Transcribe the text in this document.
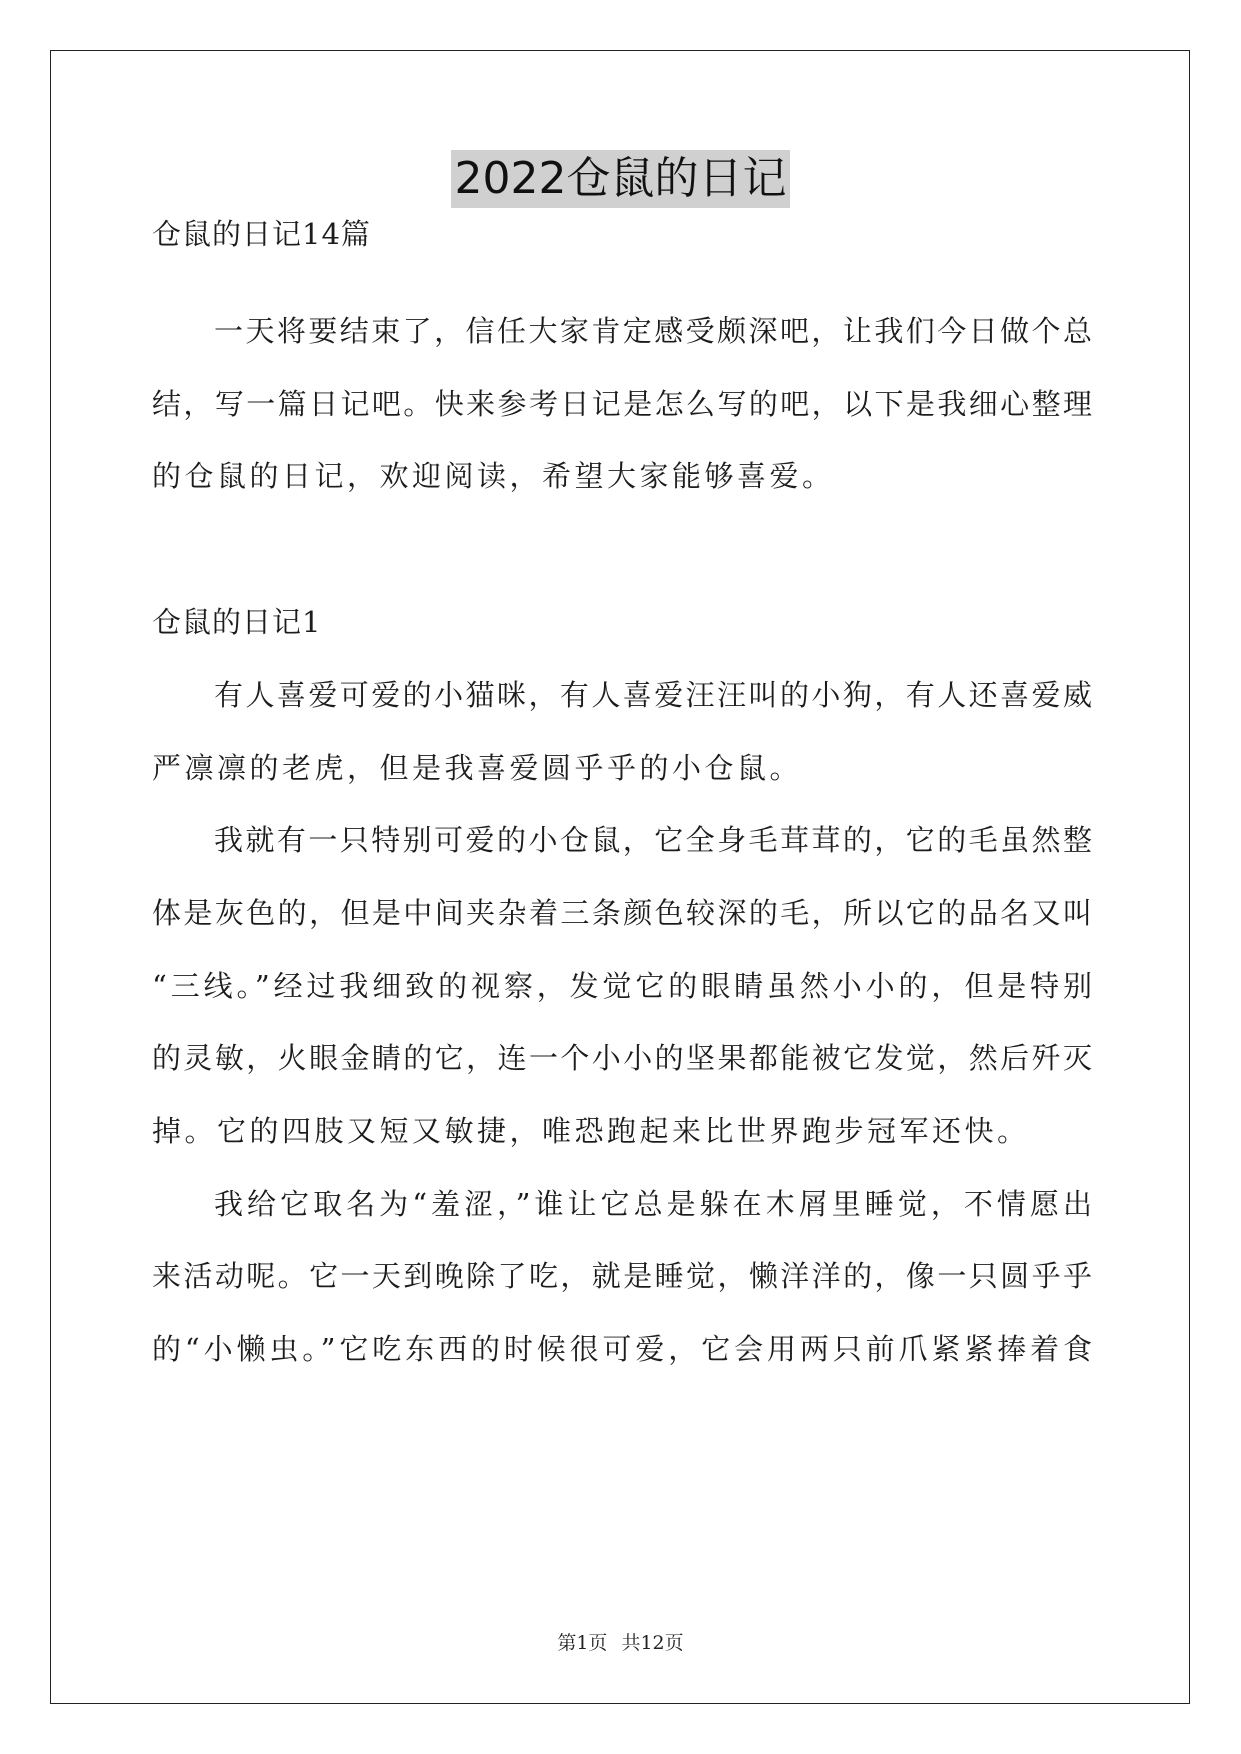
2022仓鼠的日记
仓鼠的日记14篇
一天将要结束了，信任大家肯定感受颇深吧，让我们今日做个总
结，写一篇日记吧。快来参考日记是怎么写的吧，以下是我细心整理
的仓鼠的日记，欢迎阅读，希望大家能够喜爱。
仓鼠的日记1
有人喜爱可爱的小猫咪，有人喜爱汪汪叫的小狗，有人还喜爱威
严凛凛的老虎，但是我喜爱圆乎乎的小仓鼠。
我就有一只特别可爱的小仓鼠，它全身毛茸茸的，它的毛虽然整
体是灰色的，但是中间夹杂着三条颜色较深的毛，所以它的品名又叫
“三线。”经过我细致的视察，发觉它的眼睛虽然小小的，但是特别
的灵敏，火眼金睛的它，连一个小小的坚果都能被它发觉，然后歼灭
掉。它的四肢又短又敏捷，唯恐跑起来比世界跑步冠军还快。
我给它取名为“羞涩，”谁让它总是躲在木屑里睡觉，不情愿出
来活动呢。它一天到晚除了吃，就是睡觉，懒洋洋的，像一只圆乎乎
的“小懒虫。”它吃东西的时候很可爱，它会用两只前爪紧紧捧着食
第1页 共12页
